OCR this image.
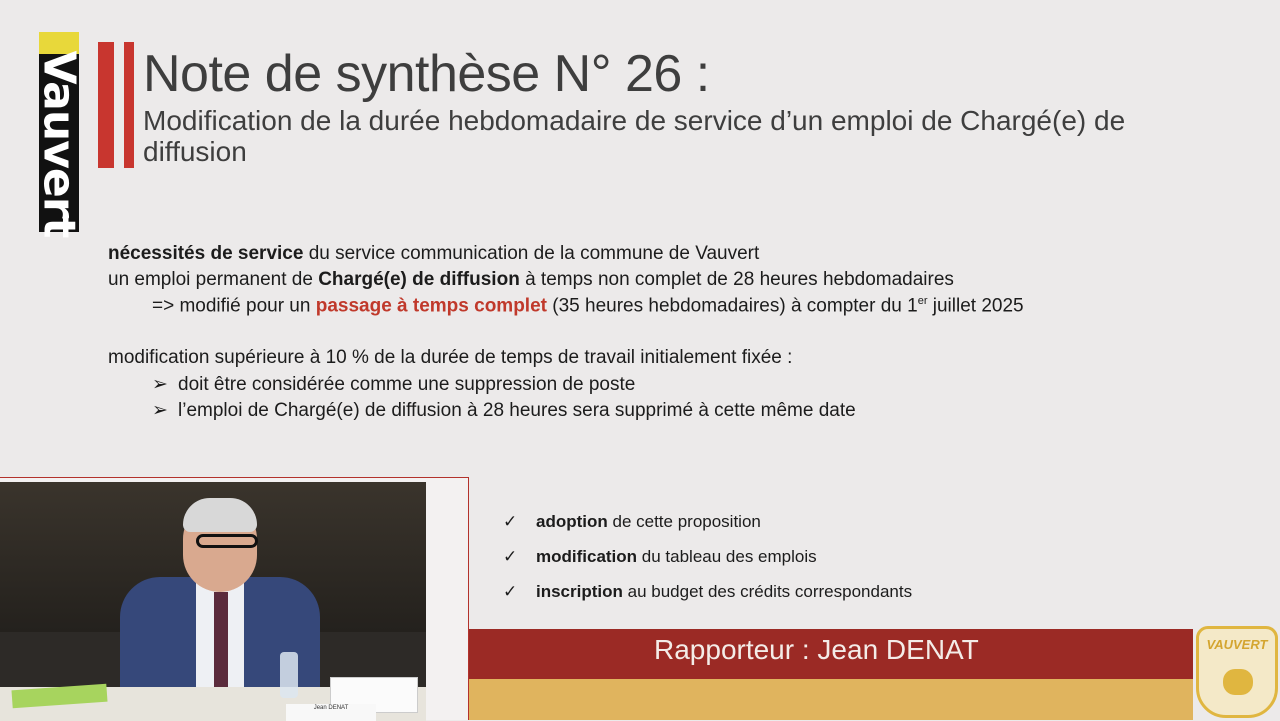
Vauvert Note de synthèse N° 26 :
Modification de la durée hebdomadaire de service d’un emploi de Chargé(e) de diffusion
nécessités de service du service communication de la commune de Vauvert
un emploi permanent de Chargé(e) de diffusion à temps non complet de 28 heures hebdomadaires
=> modifié pour un passage à temps complet (35 heures hebdomadaires) à compter du 1er juillet 2025
modification supérieure à 10 % de la durée de temps de travail initialement fixée :
➢ doit être considérée comme une suppression de poste
➢ l’emploi de Chargé(e) de diffusion à 28 heures sera supprimé à cette même date
Jean DENAT
✓ adoption de cette proposition
✓ modification du tableau des emplois
✓ inscription au budget des crédits correspondants
Rapporteur : Jean DENAT	VAUVERT
